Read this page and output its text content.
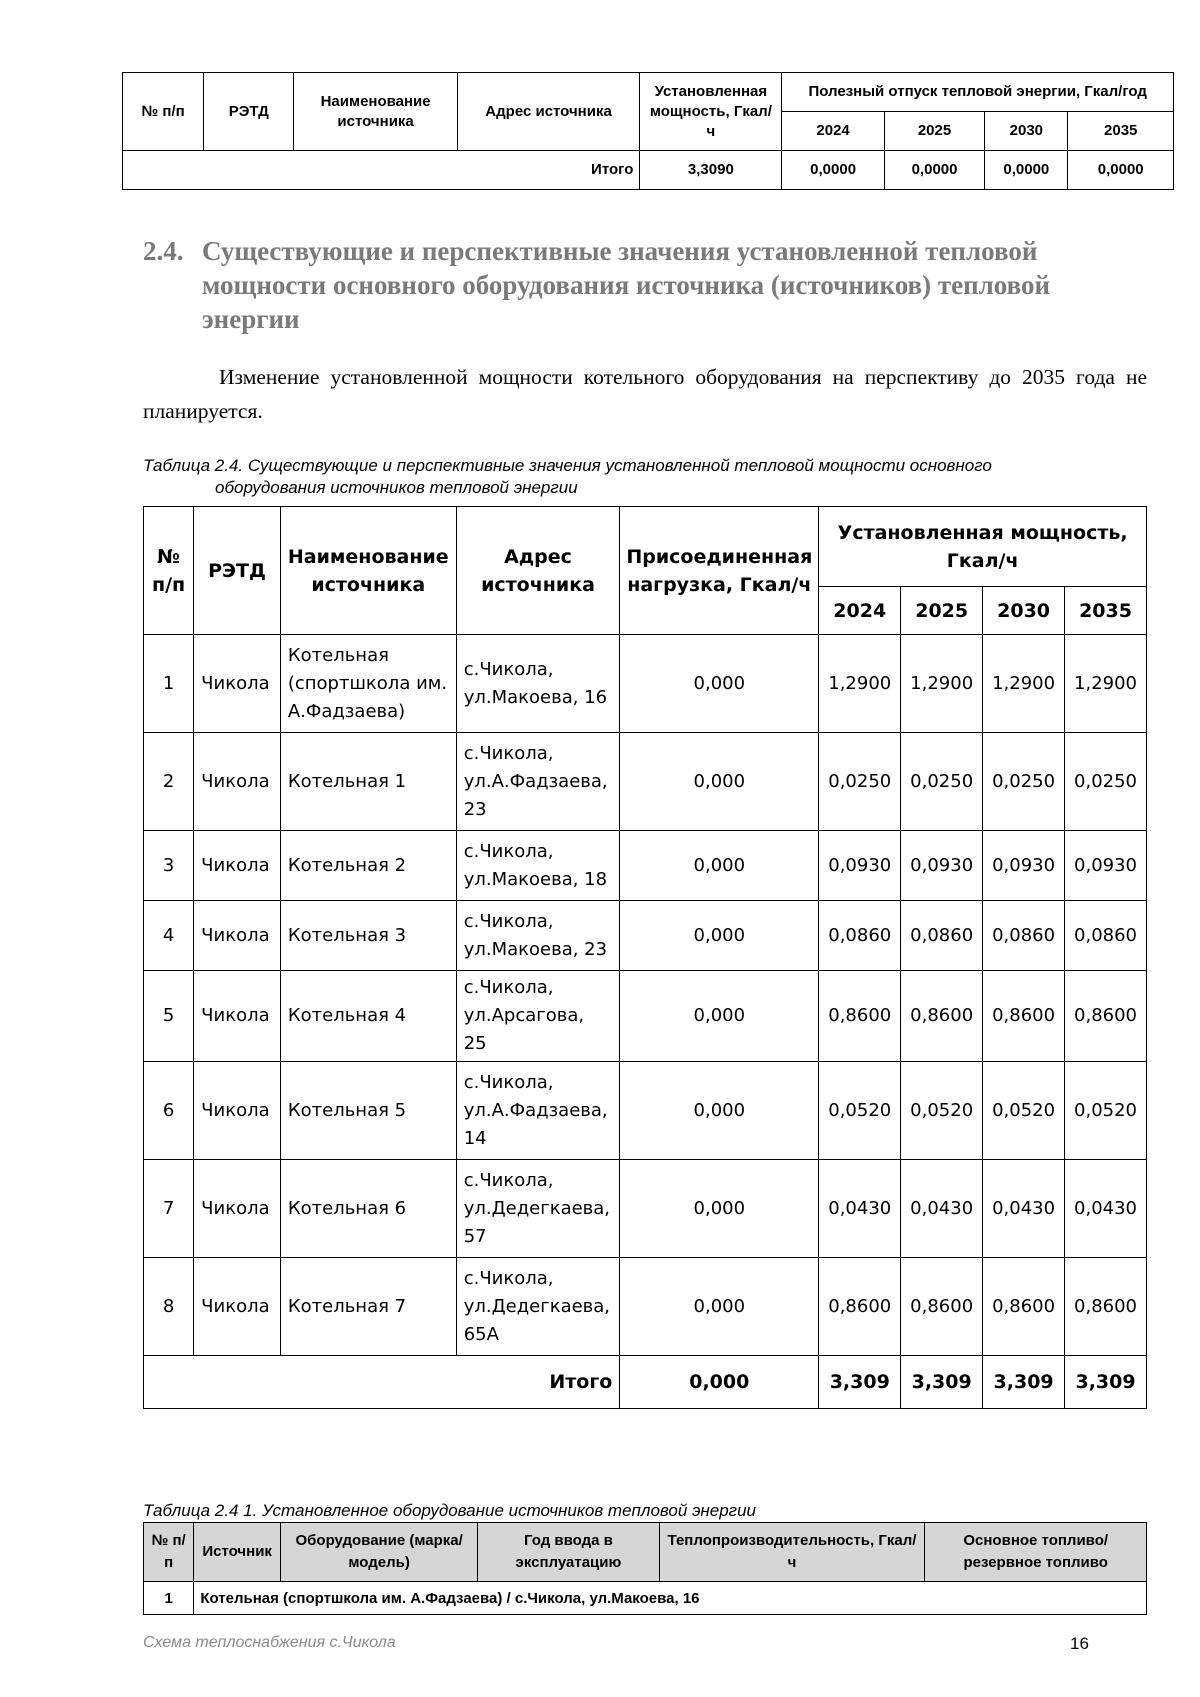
№ п/п	РЭТД	Наименование источника	Адрес источника	Установленная мощность, Гкал/ч	Полезный отпуск тепловой энергии, Гкал/год			
					2024	2025	2030	2035
Итого				3,3090	0,0000	0,0000	0,0000	0,0000
2.4. Существующие и перспективные значения установленной тепловой
мощности основного оборудования источника (источников) тепловой
энергии
Изменение установленной мощности котельного оборудования на перспективу до 2035 года не планируется.
Таблица 2.4. Существующие и перспективные значения установленной тепловой мощности основного
оборудования источников тепловой энергии
№ п/п	РЭТД	Наименование источника	Адрес источника	Присоединенная нагрузка, Гкал/ч	Установленная мощность, Гкал/ч			
					2024	2025	2030	2035
1	Чикола	Котельная (спортшкола им. А.Фадзаева)	с.Чикола, ул.Макоева, 16	0,000	1,2900	1,2900	1,2900	1,2900
2	Чикола	Котельная 1	с.Чикола, ул.А.Фадзаева, 23	0,000	0,0250	0,0250	0,0250	0,0250
3	Чикола	Котельная 2	с.Чикола, ул.Макоева, 18	0,000	0,0930	0,0930	0,0930	0,0930
4	Чикола	Котельная 3	с.Чикола, ул.Макоева, 23	0,000	0,0860	0,0860	0,0860	0,0860
5	Чикола	Котельная 4	с.Чикола, ул.Арсагова, 25	0,000	0,8600	0,8600	0,8600	0,8600
6	Чикола	Котельная 5	с.Чикола, ул.А.Фадзаева, 14	0,000	0,0520	0,0520	0,0520	0,0520
7	Чикола	Котельная 6	с.Чикола, ул.Дедегкаева, 57	0,000	0,0430	0,0430	0,0430	0,0430
8	Чикола	Котельная 7	с.Чикола, ул.Дедегкаева, 65А	0,000	0,8600	0,8600	0,8600	0,8600
Итого				0,000	3,309	3,309	3,309	3,309
Таблица 2.4 1. Установленное оборудование источников тепловой энергии
№ п/п	Источник	Оборудование (марка/модель)	Год ввода в эксплуатацию	Теплопроизводительность, Гкал/ч	Основное топливо/ резервное топливо
1	Котельная (спортшкола им. А.Фадзаева) / с.Чикола, ул.Макоева, 16				
Схема теплоснабжения с.Чикола	16
